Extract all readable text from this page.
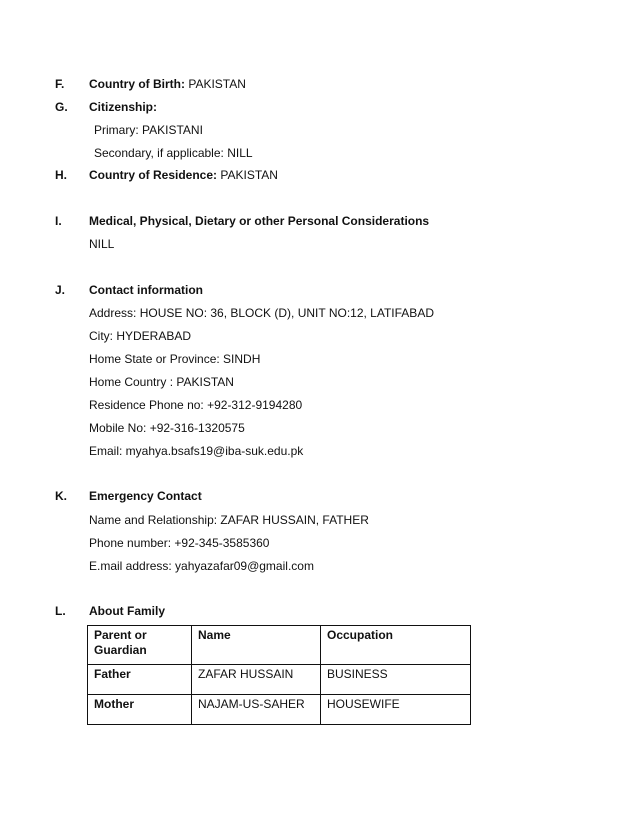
F. Country of Birth: PAKISTAN
G. Citizenship:
Primary: PAKISTANI
Secondary, if applicable: NILL
H. Country of Residence: PAKISTAN
I. Medical, Physical, Dietary or other Personal Considerations
NILL
J. Contact information
Address: HOUSE NO: 36, BLOCK (D), UNIT NO:12, LATIFABAD
City: HYDERABAD
Home State or Province: SINDH
Home Country : PAKISTAN
Residence Phone no: +92-312-9194280
Mobile No: +92-316-1320575
Email: myahya.bsafs19@iba-suk.edu.pk
K. Emergency Contact
Name and Relationship: ZAFAR HUSSAIN, FATHER
Phone number: +92-345-3585360
E.mail address: yahyazafar09@gmail.com
L. About Family
Parent or Guardian	Name	Occupation
Father	ZAFAR HUSSAIN	BUSINESS
Mother	NAJAM-US-SAHER	HOUSEWIFE
